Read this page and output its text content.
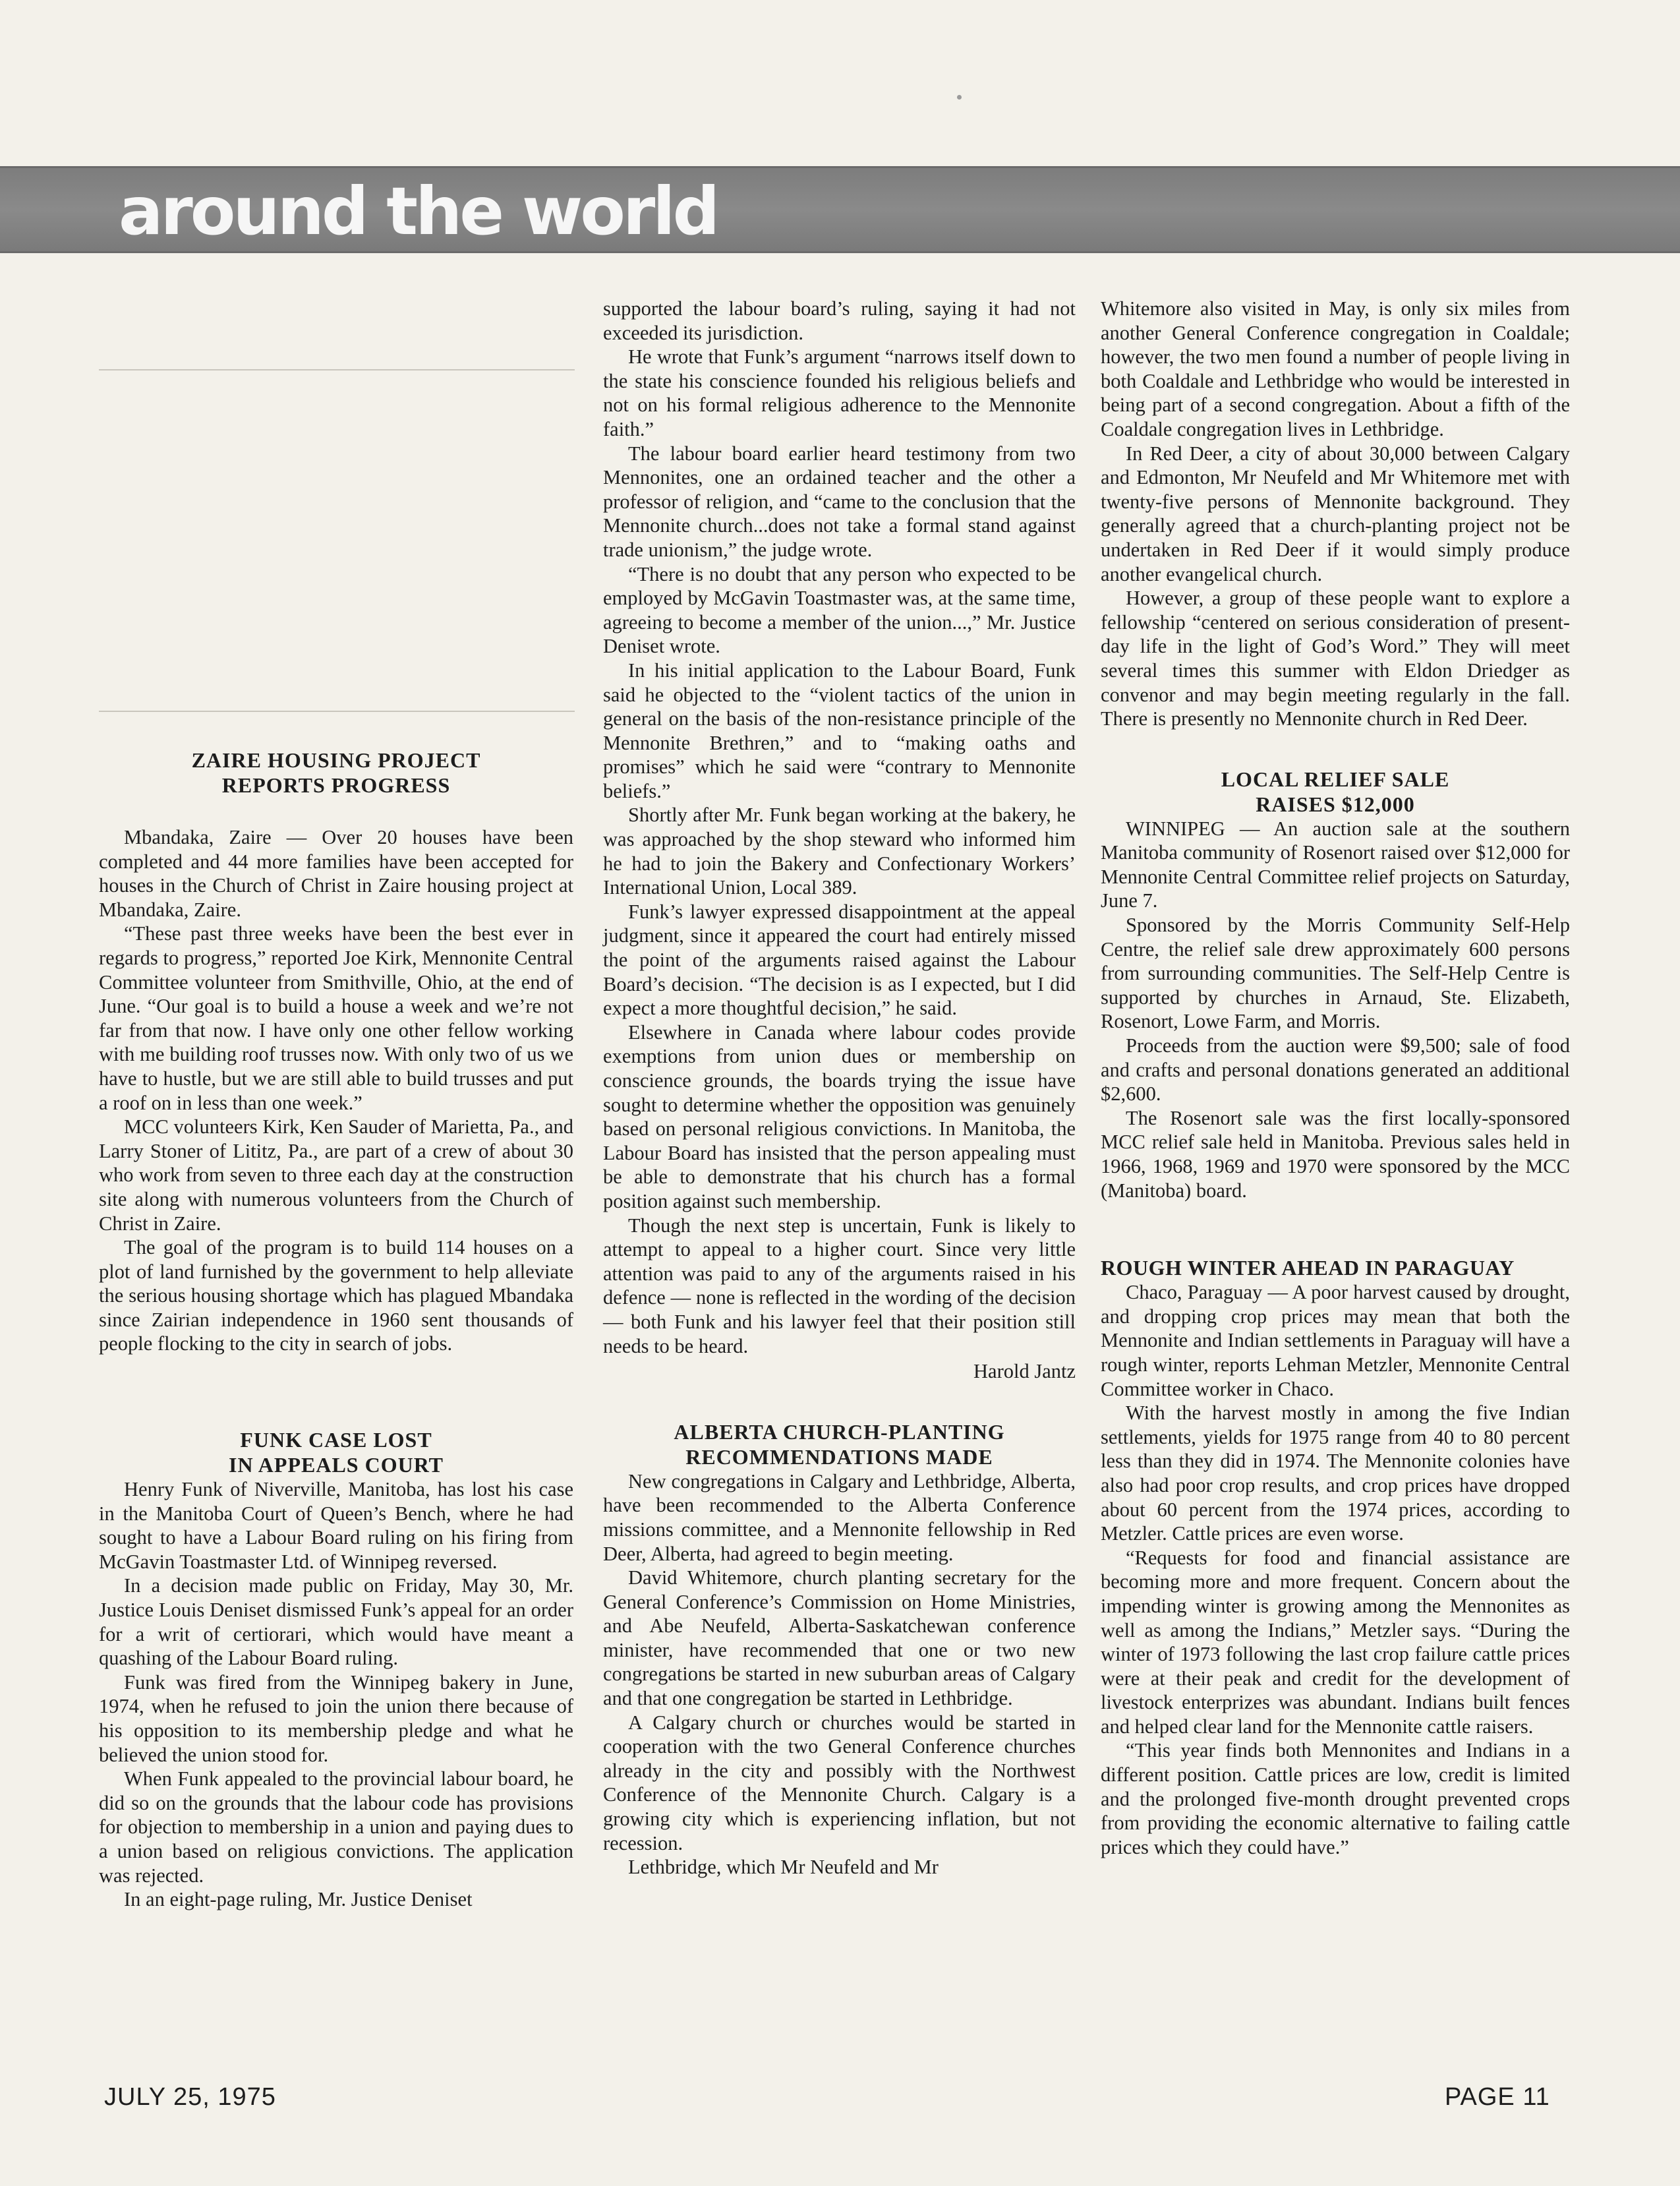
around the world
ZAIRE HOUSING PROJECT
REPORTS PROGRESS

Mbandaka, Zaire — Over 20 houses have been completed and 44 more families have been accepted for houses in the Church of Christ in Zaire housing project at Mbandaka, Zaire.

“These past three weeks have been the best ever in regards to progress,” reported Joe Kirk, Mennonite Central Committee volunteer from Smithville, Ohio, at the end of June. “Our goal is to build a house a week and we’re not far from that now. I have only one other fellow working with me building roof trusses now. With only two of us we have to hustle, but we are still able to build trusses and put a roof on in less than one week.”

MCC volunteers Kirk, Ken Sauder of Marietta, Pa., and Larry Stoner of Lititz, Pa., are part of a crew of about 30 who work from seven to three each day at the construction site along with numerous volunteers from the Church of Christ in Zaire.

The goal of the program is to build 114 houses on a plot of land furnished by the government to help alleviate the serious housing shortage which has plagued Mbandaka since Zairian independence in 1960 sent thousands of people flocking to the city in search of jobs.

FUNK CASE LOST
IN APPEALS COURT

Henry Funk of Niverville, Manitoba, has lost his case in the Manitoba Court of Queen’s Bench, where he had sought to have a Labour Board ruling on his firing from McGavin Toastmaster Ltd. of Winnipeg reversed.

In a decision made public on Friday, May 30, Mr. Justice Louis Deniset dismissed Funk’s appeal for an order for a writ of certiorari, which would have meant a quashing of the Labour Board ruling.

Funk was fired from the Winnipeg bakery in June, 1974, when he refused to join the union there because of his opposition to its membership pledge and what he believed the union stood for.

When Funk appealed to the provincial labour board, he did so on the grounds that the labour code has provisions for objection to membership in a union and paying dues to a union based on religious convictions. The application was rejected.

In an eight-page ruling, Mr. Justice Deniset

supported the labour board’s ruling, saying it had not exceeded its jurisdiction.

He wrote that Funk’s argument “narrows itself down to the state his conscience founded his religious beliefs and not on his formal religious adherence to the Mennonite faith.”

The labour board earlier heard testimony from two Mennonites, one an ordained teacher and the other a professor of religion, and “came to the conclusion that the Mennonite church...does not take a formal stand against trade unionism,” the judge wrote.

“There is no doubt that any person who expected to be employed by McGavin Toastmaster was, at the same time, agreeing to become a member of the union...,” Mr. Justice Deniset wrote.

In his initial application to the Labour Board, Funk said he objected to the “violent tactics of the union in general on the basis of the non-resistance principle of the Mennonite Brethren,” and to “making oaths and promises” which he said were “contrary to Mennonite beliefs.”

Shortly after Mr. Funk began working at the bakery, he was approached by the shop steward who informed him he had to join the Bakery and Confectionary Workers’ International Union, Local 389.

Funk’s lawyer expressed disappointment at the appeal judgment, since it appeared the court had entirely missed the point of the arguments raised against the Labour Board’s decision. “The decision is as I expected, but I did expect a more thoughtful decision,” he said.

Elsewhere in Canada where labour codes provide exemptions from union dues or membership on conscience grounds, the boards trying the issue have sought to determine whether the opposition was genuinely based on personal religious convictions. In Manitoba, the Labour Board has insisted that the person appealing must be able to demonstrate that his church has a formal position against such membership.

Though the next step is uncertain, Funk is likely to attempt to appeal to a higher court. Since very little attention was paid to any of the arguments raised in his defence — none is reflected in the wording of the decision — both Funk and his lawyer feel that their position still needs to be heard.

Harold Jantz

ALBERTA CHURCH-PLANTING
RECOMMENDATIONS MADE

New congregations in Calgary and Lethbridge, Alberta, have been recommended to the Alberta Conference missions committee, and a Mennonite fellowship in Red Deer, Alberta, had agreed to begin meeting.

David Whitemore, church planting secretary for the General Conference’s Commission on Home Ministries, and Abe Neufeld, Alberta-Saskatchewan conference minister, have recommended that one or two new congregations be started in new suburban areas of Calgary and that one congregation be started in Lethbridge.

A Calgary church or churches would be started in cooperation with the two General Conference churches already in the city and possibly with the Northwest Conference of the Mennonite Church. Calgary is a growing city which is experiencing inflation, but not recession.

Lethbridge, which Mr Neufeld and Mr

Whitemore also visited in May, is only six miles from another General Conference congregation in Coaldale; however, the two men found a number of people living in both Coaldale and Lethbridge who would be interested in being part of a second congregation. About a fifth of the Coaldale congregation lives in Lethbridge.

In Red Deer, a city of about 30,000 between Calgary and Edmonton, Mr Neufeld and Mr Whitemore met with twenty-five persons of Mennonite background. They generally agreed that a church-planting project not be undertaken in Red Deer if it would simply produce another evangelical church.

However, a group of these people want to explore a fellowship “centered on serious consideration of present-day life in the light of God’s Word.” They will meet several times this summer with Eldon Driedger as convenor and may begin meeting regularly in the fall. There is presently no Mennonite church in Red Deer.

LOCAL RELIEF SALE
RAISES $12,000

WINNIPEG — An auction sale at the southern Manitoba community of Rosenort raised over $12,000 for Mennonite Central Committee relief projects on Saturday, June 7.

Sponsored by the Morris Community Self-Help Centre, the relief sale drew approximately 600 persons from surrounding communities. The Self-Help Centre is supported by churches in Arnaud, Ste. Elizabeth, Rosenort, Lowe Farm, and Morris.

Proceeds from the auction were $9,500; sale of food and crafts and personal donations generated an additional $2,600.

The Rosenort sale was the first locally-sponsored MCC relief sale held in Manitoba. Previous sales held in 1966, 1968, 1969 and 1970 were sponsored by the MCC (Manitoba) board.

ROUGH WINTER AHEAD IN PARAGUAY

Chaco, Paraguay — A poor harvest caused by drought, and dropping crop prices may mean that both the Mennonite and Indian settlements in Paraguay will have a rough winter, reports Lehman Metzler, Mennonite Central Committee worker in Chaco.

With the harvest mostly in among the five Indian settlements, yields for 1975 range from 40 to 80 percent less than they did in 1974. The Mennonite colonies have also had poor crop results, and crop prices have dropped about 60 percent from the 1974 prices, according to Metzler. Cattle prices are even worse.

“Requests for food and financial assistance are becoming more and more frequent. Concern about the impending winter is growing among the Mennonites as well as among the Indians,” Metzler says. “During the winter of 1973 following the last crop failure cattle prices were at their peak and credit for the development of livestock enterprizes was abundant. Indians built fences and helped clear land for the Mennonite cattle raisers.

“This year finds both Mennonites and Indians in a different position. Cattle prices are low, credit is limited and the prolonged five-month drought prevented crops from providing the economic alternative to failing cattle prices which they could have.”

JULY 25, 1975	PAGE 11
